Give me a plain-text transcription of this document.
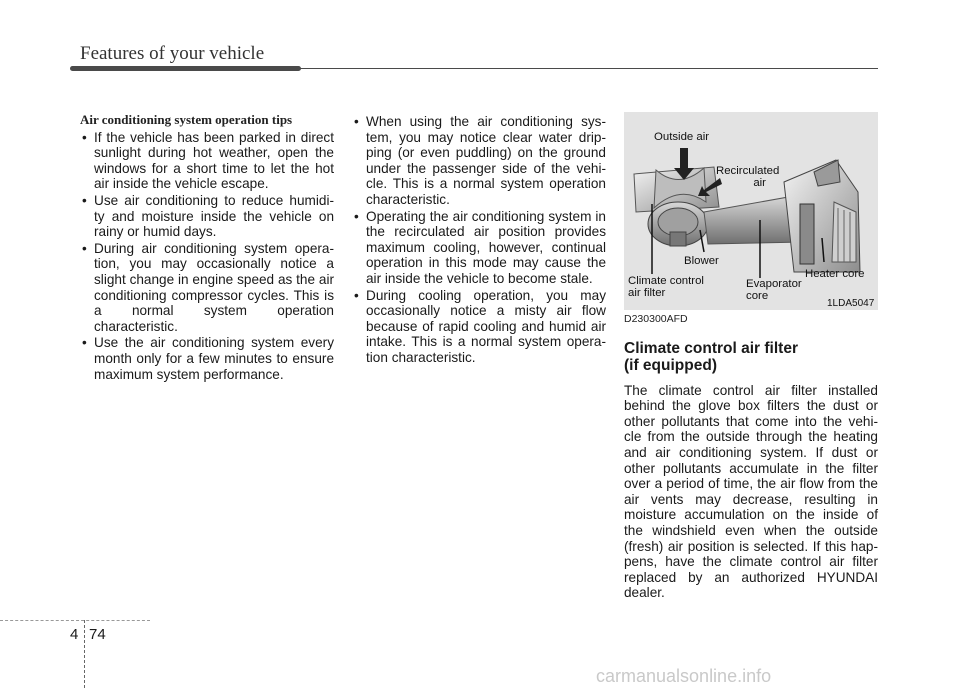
Features of your vehicle
Air conditioning system operation tips
• If the vehicle has been parked in direct sunlight during hot weather, open the windows for a short time to let the hot air inside the vehicle escape.
• Use air conditioning to reduce humidi- ty and moisture inside the vehicle on rainy or humid days.
• During air conditioning system opera- tion, you may occasionally notice a slight change in engine speed as the air conditioning compressor cycles. This is a normal system operation characteristic.
• Use the air conditioning system every month only for a few minutes to ensure maximum system performance.
• When using the air conditioning sys- tem, you may notice clear water drip- ping (or even puddling) on the ground under the passenger side of the vehi- cle. This is a normal system operation characteristic.
• Operating the air conditioning system in the recirculated air position provides maximum cooling, however, continual operation in this mode may cause the air inside the vehicle to become stale.
• During cooling operation, you may occasionally notice a misty air flow because of rapid cooling and humid air intake. This is a normal system opera- tion characteristic.
Outside air
Recirculated
air
Blower
Climate control
air filter
Evaporator
core
Heater core
1LDA5047
D230300AFD
Climate control air filter
(if equipped)
The climate control air filter installed behind the glove box filters the dust or other pollutants that come into the vehi- cle from the outside through the heating and air conditioning system. If dust or other pollutants accumulate in the filter over a period of time, the air flow from the air vents may decrease, resulting in moisture accumulation on the inside of the windshield even when the outside (fresh) air position is selected. If this hap- pens, have the climate control air filter replaced by an authorized HYUNDAI dealer.
4 74
carmanualsonline.info
